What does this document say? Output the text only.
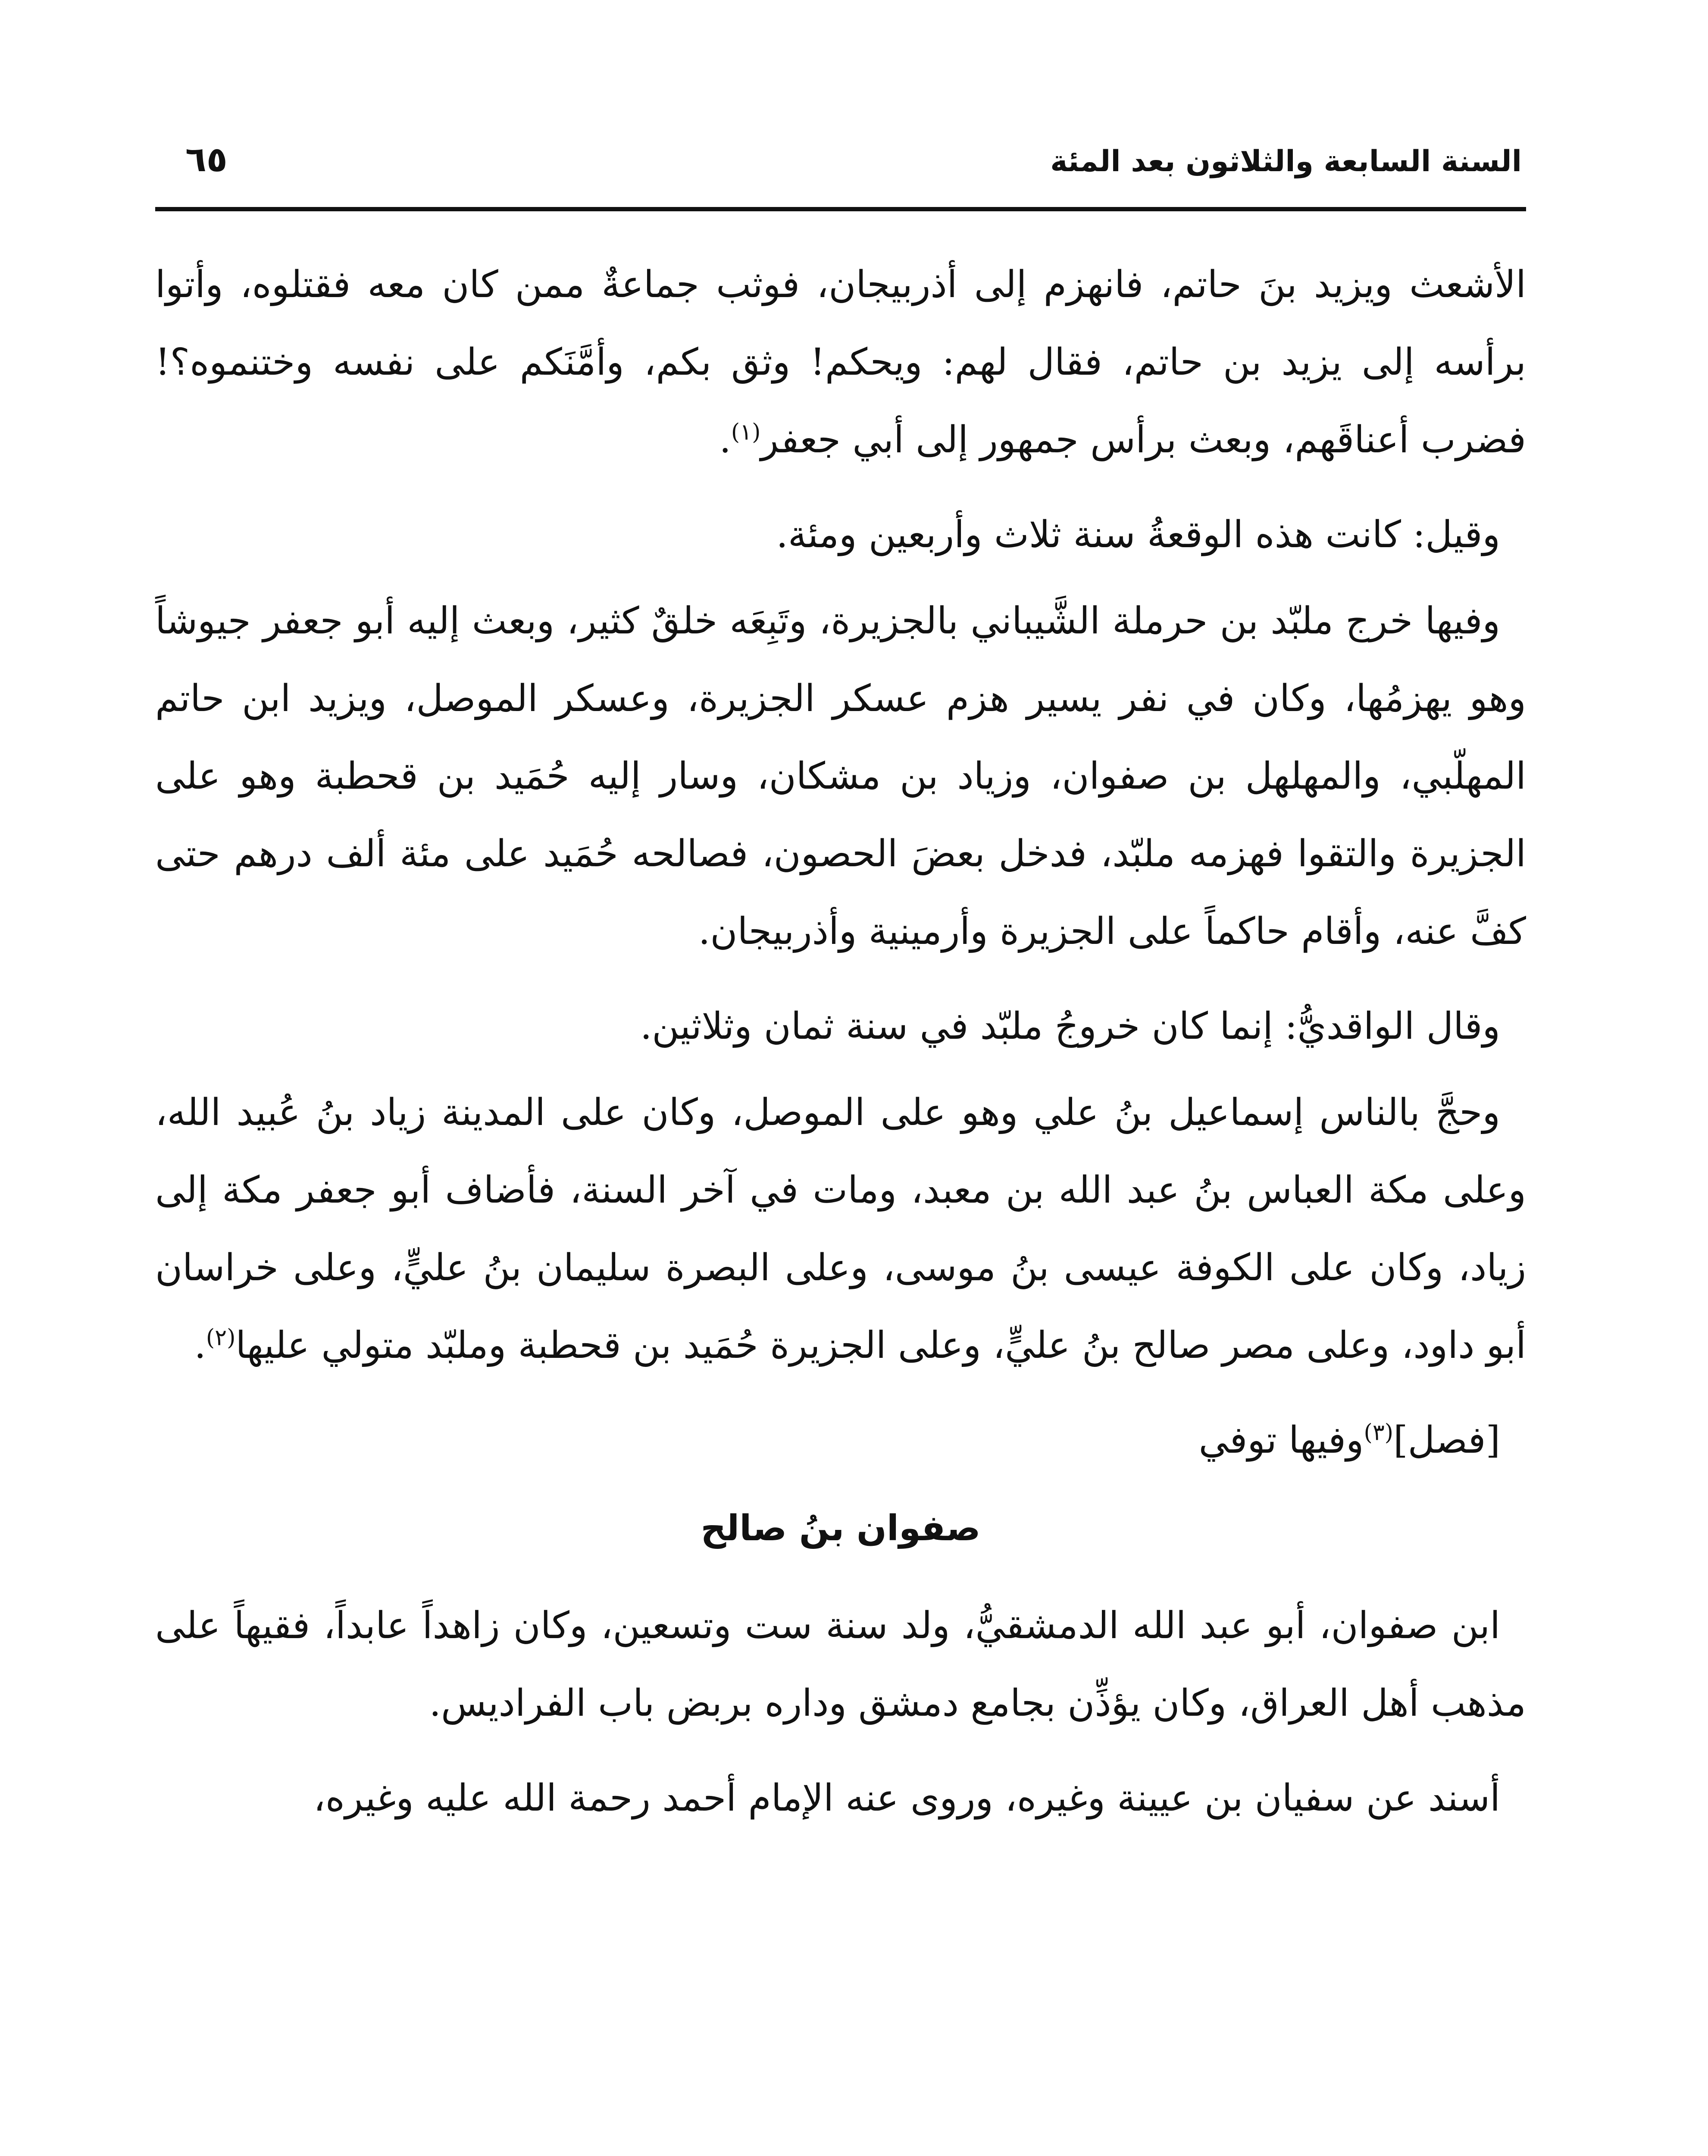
السنة السابعة والثلاثون بعد المئة
٦٥

الأشعث ويزيد بنَ حاتم، فانهزم إلى أذربيجان، فوثب جماعةٌ ممن كان معه فقتلوه، وأتوا برأسه إلى يزيد بن حاتم، فقال لهم: ويحكم! وثق بكم، وأمَّنَكم على نفسه وختنموه؟! فضرب أعناقَهم، وبعث برأس جمهور إلى أبي جعفر$^{(١)}$.

وقيل: كانت هذه الوقعةُ سنة ثلاث وأربعين ومئة.

وفيها خرج ملبّد بن حرملة الشَّيباني بالجزيرة، وتَبِعَه خلقٌ كثير، وبعث إليه أبو جعفر جيوشاً وهو يهزمُها، وكان في نفر يسير هزم عسكر الجزيرة، وعسكر الموصل، ويزيد ابن حاتم المهلّبي، والمهلهل بن صفوان، وزياد بن مشكان، وسار إليه حُمَيد بن قحطبة وهو على الجزيرة والتقوا فهزمه ملبّد، فدخل بعضَ الحصون، فصالحه حُمَيد على مئة ألف درهم حتى كفَّ عنه، وأقام حاكماً على الجزيرة وأرمينية وأذربيجان.

وقال الواقديُّ: إنما كان خروجُ ملبّد في سنة ثمان وثلاثين.

وحجَّ بالناس إسماعيل بنُ علي وهو على الموصل، وكان على المدينة زياد بنُ عُبيد الله، وعلى مكة العباس بنُ عبد الله بن معبد، ومات في آخر السنة، فأضاف أبو جعفر مكة إلى زياد، وكان على الكوفة عيسى بنُ موسى، وعلى البصرة سليمان بنُ عليٍّ، وعلى خراسان أبو داود، وعلى مصر صالح بنُ عليٍّ، وعلى الجزيرة حُمَيد بن قحطبة وملبّد متولي عليها$^{(٢)}$.

[فصل]$^{(٣)}$وفيها توفي

صفوان بنُ صالح

ابن صفوان، أبو عبد الله الدمشقيُّ، ولد سنة ست وتسعين، وكان زاهداً عابداً، فقيهاً على مذهب أهل العراق، وكان يؤذِّن بجامع دمشق وداره بربض باب الفراديس.

أسند عن سفيان بن عيينة وغيره، وروى عنه الإمام أحمد رحمة الله عليه وغيره،
